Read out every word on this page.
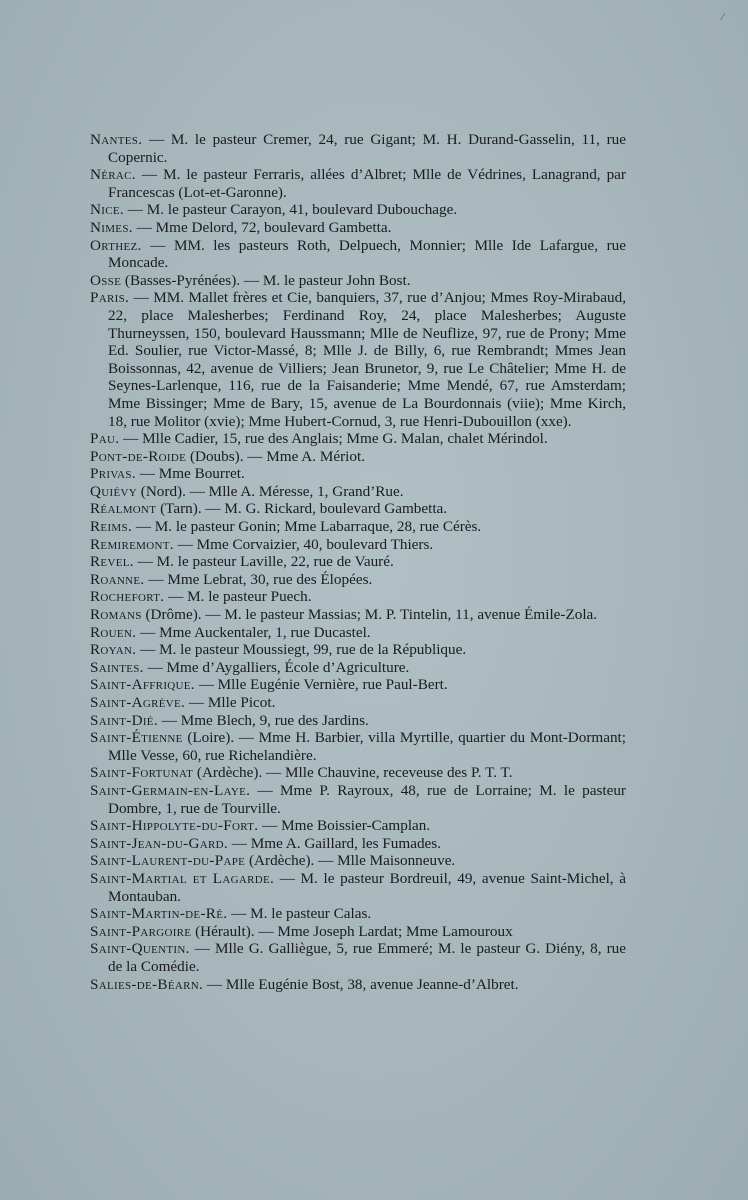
⁄

Nantes. — M. le pasteur Cremer, 24, rue Gigant; M. H. Durand-Gasselin, 11, rue Copernic.

Nérac. — M. le pasteur Ferraris, allées d’Albret; Mlle de Védrines, Lanagrand, par Francescas (Lot-et-Garonne).

Nice. — M. le pasteur Carayon, 41, boulevard Dubouchage.

Nimes. — Mme Delord, 72, boulevard Gambetta.

Orthez. — MM. les pasteurs Roth, Delpuech, Monnier; Mlle Ide Lafargue, rue Moncade.

Osse (Basses-Pyrénées). — M. le pasteur John Bost.

Paris. — MM. Mallet frères et Cie, banquiers, 37, rue d’Anjou; Mmes Roy-Mirabaud, 22, place Malesherbes; Ferdinand Roy, 24, place Malesherbes; Auguste Thurneyssen, 150, boulevard Haussmann; Mlle de Neuflize, 97, rue de Prony; Mme Ed. Soulier, rue Victor-Massé, 8; Mlle J. de Billy, 6, rue Rembrandt; Mmes Jean Boissonnas, 42, avenue de Villiers; Jean Brunetor, 9, rue Le Châtelier; Mme H. de Seynes-Larlenque, 116, rue de la Faisanderie; Mme Mendé, 67, rue Amsterdam; Mme Bissinger; Mme de Bary, 15, avenue de La Bourdonnais (viie); Mme Kirch, 18, rue Molitor (xvie); Mme Hubert-Cornud, 3, rue Henri-Dubouillon (xxe).

Pau. — Mlle Cadier, 15, rue des Anglais; Mme G. Malan, chalet Mérindol.

Pont-de-Roide (Doubs). — Mme A. Mériot.

Privas. — Mme Bourret.

Quiévy (Nord). — Mlle A. Méresse, 1, Grand’Rue.

Réalmont (Tarn). — M. G. Rickard, boulevard Gambetta.

Reims. — M. le pasteur Gonin; Mme Labarraque, 28, rue Cérès.

Remiremont. — Mme Corvaizier, 40, boulevard Thiers.

Revel. — M. le pasteur Laville, 22, rue de Vauré.

Roanne. — Mme Lebrat, 30, rue des Élopées.

Rochefort. — M. le pasteur Puech.

Romans (Drôme). — M. le pasteur Massias; M. P. Tintelin, 11, avenue Émile-Zola.

Rouen. — Mme Auckentaler, 1, rue Ducastel.

Royan. — M. le pasteur Moussiegt, 99, rue de la République.

Saintes. — Mme d’Aygalliers, École d’Agriculture.

Saint-Affrique. — Mlle Eugénie Vernière, rue Paul-Bert.

Saint-Agrève. — Mlle Picot.

Saint-Dié. — Mme Blech, 9, rue des Jardins.

Saint-Étienne (Loire). — Mme H. Barbier, villa Myrtille, quartier du Mont-Dormant; Mlle Vesse, 60, rue Richelandière.

Saint-Fortunat (Ardèche). — Mlle Chauvine, receveuse des P. T. T.

Saint-Germain-en-Laye. — Mme P. Rayroux, 48, rue de Lorraine; M. le pasteur Dombre, 1, rue de Tourville.

Saint-Hippolyte-du-Fort. — Mme Boissier-Camplan.

Saint-Jean-du-Gard. — Mme A. Gaillard, les Fumades.

Saint-Laurent-du-Pape (Ardèche). — Mlle Maisonneuve.

Saint-Martial et Lagarde. — M. le pasteur Bordreuil, 49, avenue Saint-Michel, à Montauban.

Saint-Martin-de-Ré. — M. le pasteur Calas.

Saint-Pargoire (Hérault). — Mme Joseph Lardat; Mme Lamouroux

Saint-Quentin. — Mlle G. Galliègue, 5, rue Emmeré; M. le pasteur G. Diény, 8, rue de la Comédie.

Salies-de-Béarn. — Mlle Eugénie Bost, 38, avenue Jeanne-d’Albret.
